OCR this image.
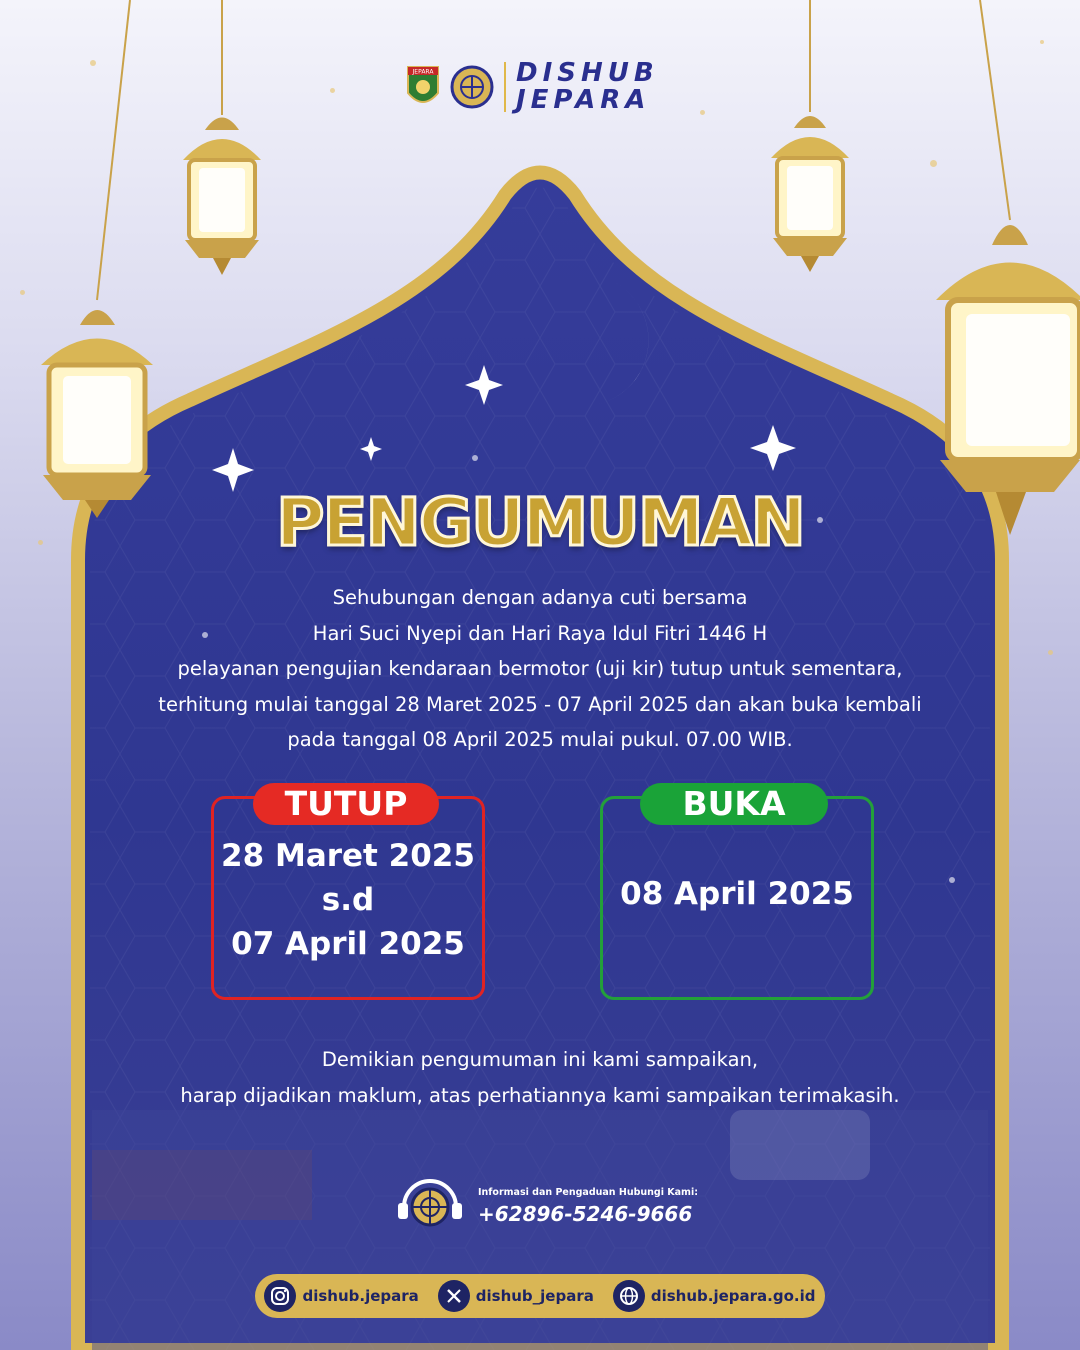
JEPARA	DISHUB
JEPARA
PENGUMUMAN
Sehubungan dengan adanya cuti bersama
Hari Suci Nyepi dan Hari Raya Idul Fitri 1446 H
pelayanan pengujian kendaraan bermotor (uji kir) tutup untuk sementara,
terhitung mulai tanggal 28 Maret 2025 - 07 April 2025 dan akan buka kembali
pada tanggal 08 April 2025 mulai pukul. 07.00 WIB.
TUTUP
28 Maret 2025
s.d
07 April 2025
BUKA
08 April 2025
Demikian pengumuman ini kami sampaikan,
harap dijadikan maklum, atas perhatiannya kami sampaikan terimakasih.
Informasi dan Pengaduan Hubungi Kami:
+62896-5246-9666
dishub.jepara	dishub_jepara	dishub.jepara.go.id
